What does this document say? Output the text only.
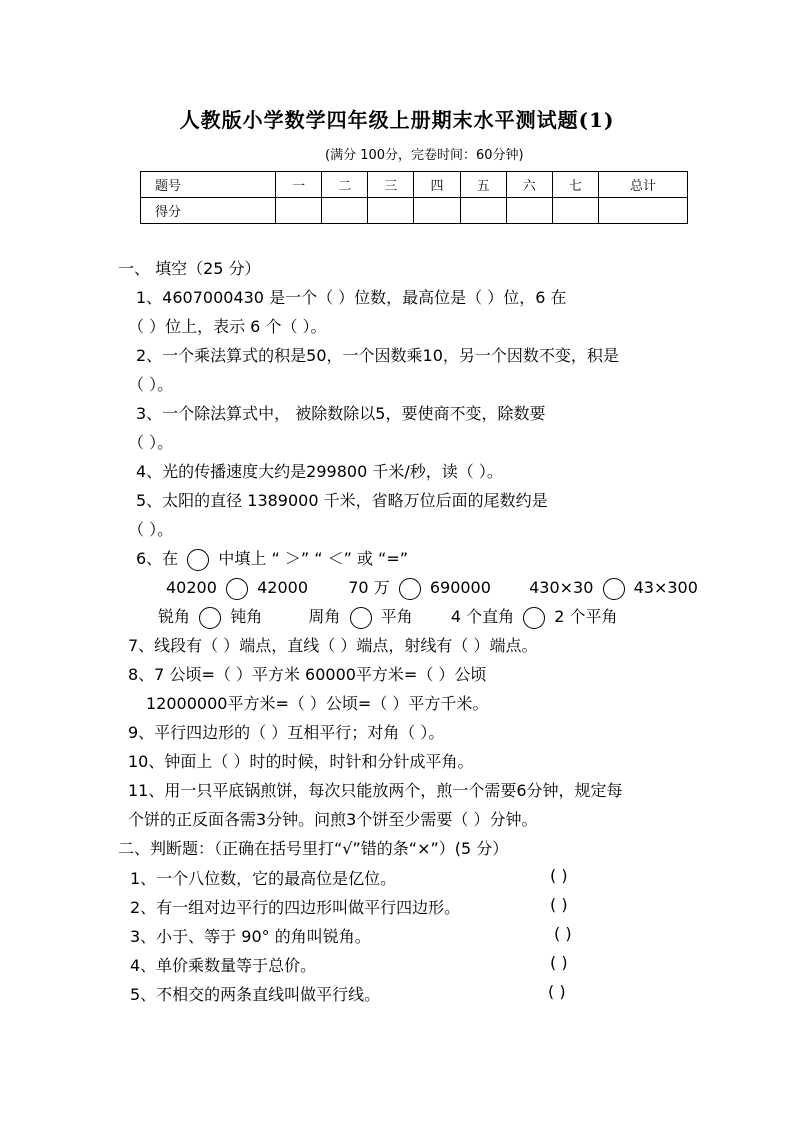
人教版小学数学四年级上册期末水平测试题(1)
(满分 100分，完卷时间：60分钟)
题号	一	二	三	四	五	六	七	总计
得分								
一、 填空（25 分）
1、4607000430 是一个（ ）位数，最高位是（ ）位，6 在
（ ）位上，表示 6 个（ ）。
2、一个乘法算式的积是50，一个因数乘10，另一个因数不变，积是
（ ）。
3、一个除法算式中， 被除数除以5，要使商不变，除数要
（ ）。
4、光的传播速度大约是299800 千米/秒，读（ ）。
5、太阳的直径 1389000 千米，省略万位后面的尾数约是
（ ）。
6、在	中填上 “ ＞” “ ＜” 或 “=”
40200	42000	70 万	690000 430×30	43×300
锐角	钝角	周角	平角 4 个直角	2 个平角
7、线段有（ ）端点，直线（ ）端点，射线有（ ）端点。
8、7 公顷=（ ）平方米 60000平方米=（ ）公顷
12000000平方米=（ ）公顷=（ ）平方千米。
9、平行四边形的（ ）互相平行；对角（ ）。
10、钟面上（ ）时的时候，时针和分针成平角。
11、用一只平底锅煎饼，每次只能放两个，煎一个需要6分钟，规定每
个饼的正反面各需3分钟。问煎3个饼至少需要（ ）分钟。
二、判断题：（正确在括号里打“√”错的条“×”）(5 分）
1、一个八位数，它的最高位是亿位。	( )
2、有一组对边平行的四边形叫做平行四边形。	( )
3、小于、等于 90° 的角叫锐角。	( )
4、单价乘数量等于总价。	( )
5、不相交的两条直线叫做平行线。	( )
